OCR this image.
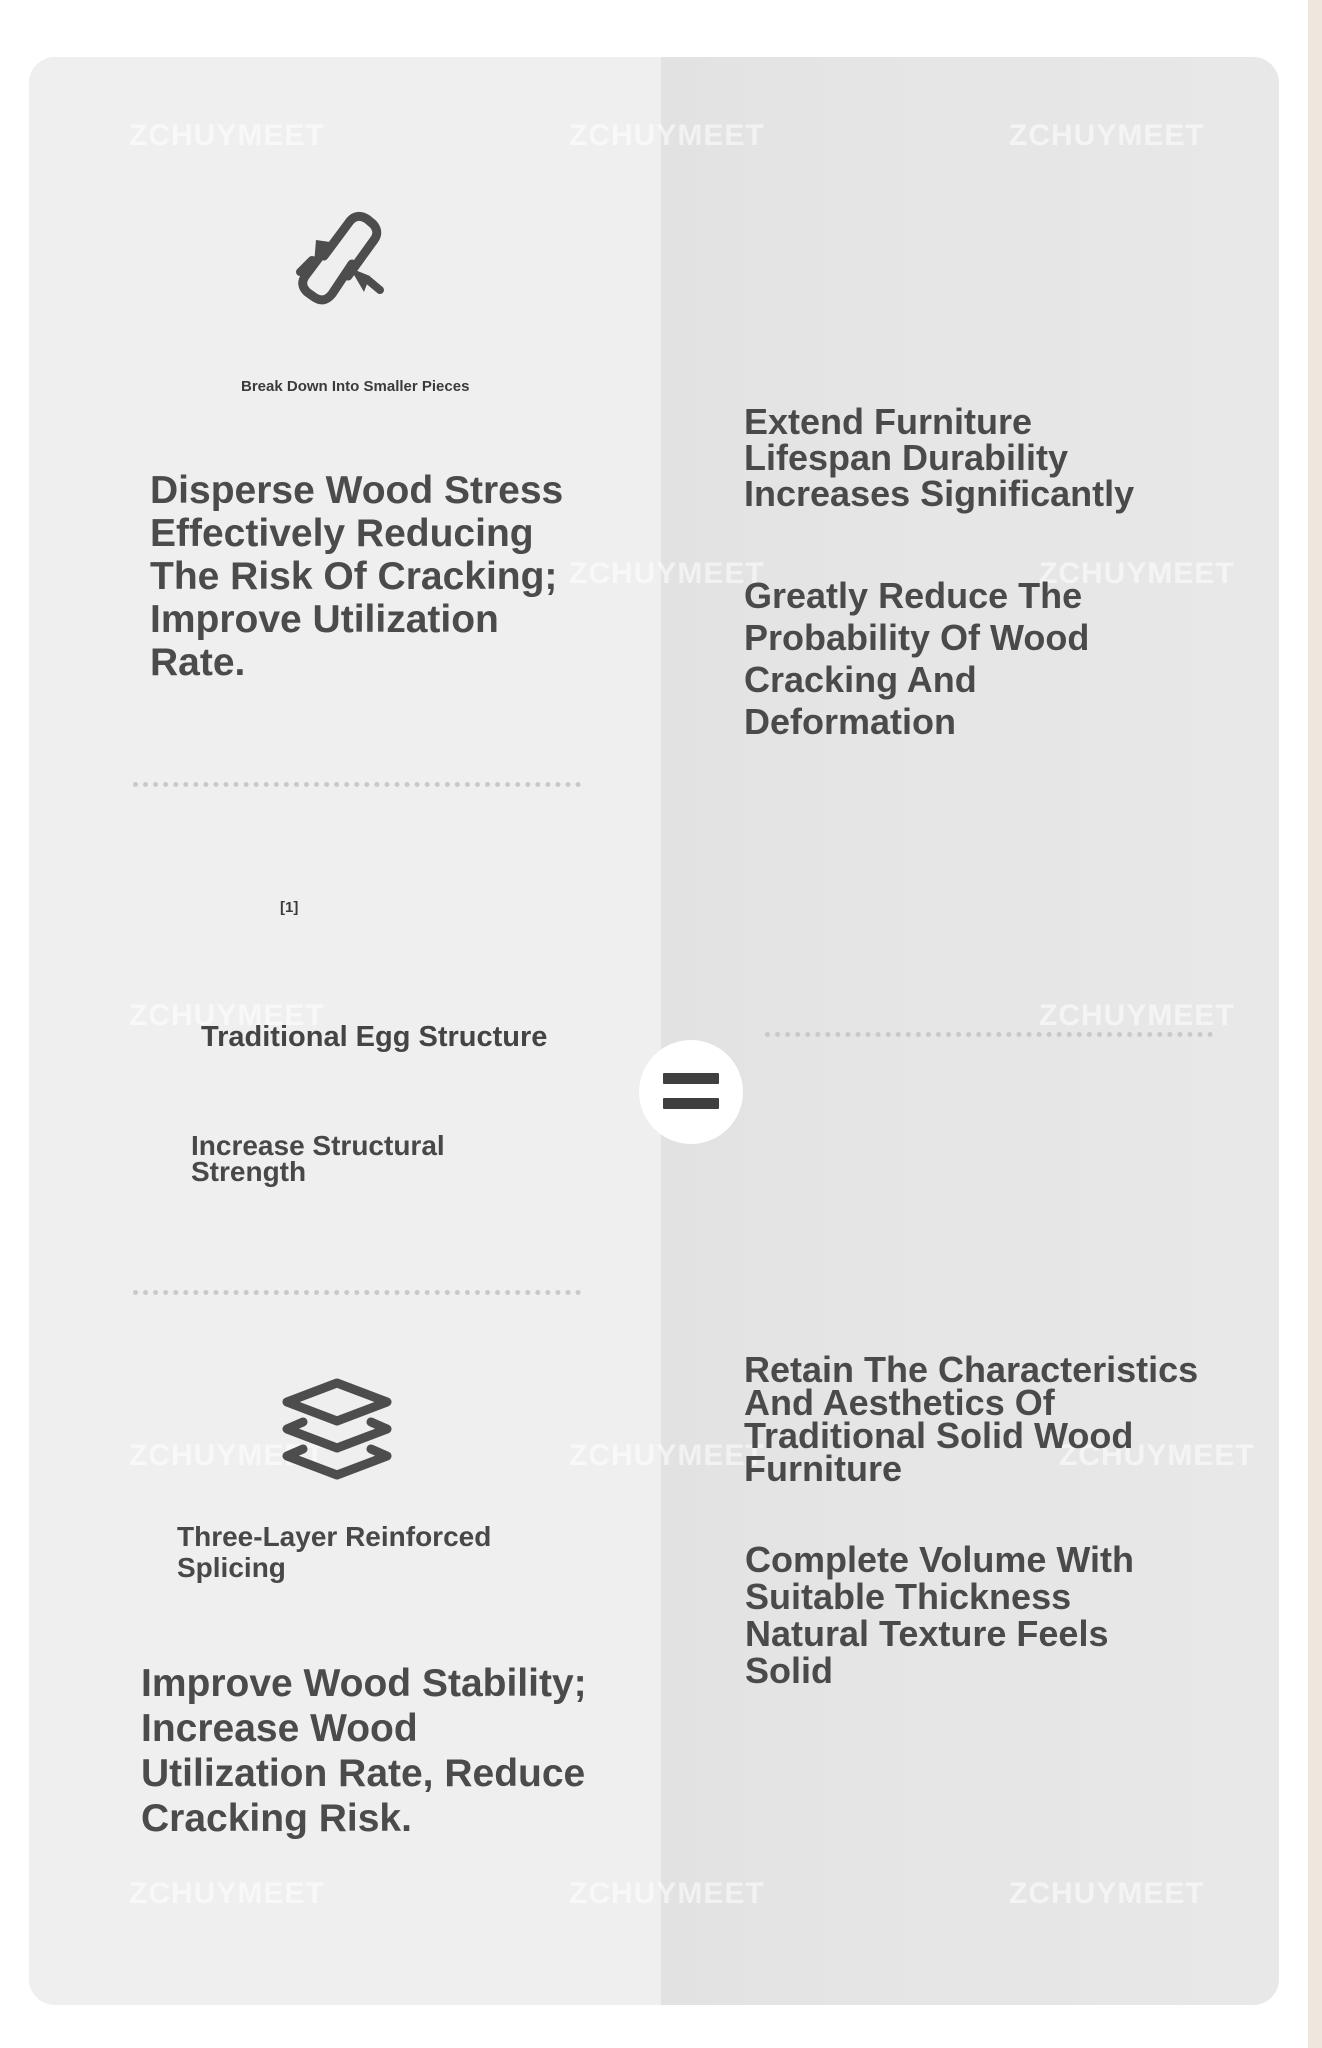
ZCHUYMEET	ZCHUYMEET	ZCHUYMEET
ZCHUYMEET	ZCHUYMEET
ZCHUYMEET	ZCHUYMEET
ZCHUYMEET	ZCHUYMEET	ZCHUYMEET
ZCHUYMEET	ZCHUYMEET	ZCHUYMEET

Break Down Into Smaller Pieces

Disperse Wood Stress Effectively Reducing The Risk Of Cracking; Improve Utilization Rate.

[1]

Traditional Egg Structure

Increase Structural Strength

Three-Layer Reinforced Splicing

Improve Wood Stability; Increase Wood Utilization Rate, Reduce Cracking Risk.

Extend Furniture Lifespan Durability Increases Significantly

Greatly Reduce The Probability Of Wood Cracking And Deformation

Retain The Characteristics And Aesthetics Of Traditional Solid Wood Furniture

Complete Volume With Suitable Thickness Natural Texture Feels Solid
